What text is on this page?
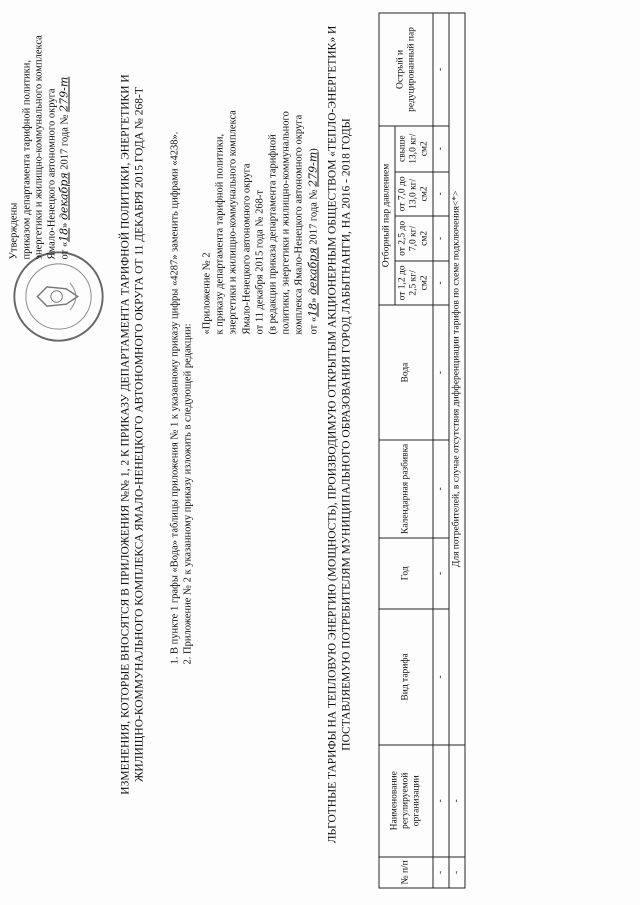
Утверждены приказом департамента тарифной политики, энергетики и жилищно-коммунального комплекса Ямало-Ненецкого автономного округа от «18» декабря 2017 года № 279-т	ИЗМЕНЕНИЯ, КОТОРЫЕ ВНОСЯТСЯ В ПРИЛОЖЕНИЯ №№ 1, 2 К ПРИКАЗУ ДЕПАРТАМЕНТА ТАРИФНОЙ ПОЛИТИКИ, ЭНЕРГЕТИКИ И ЖИЛИЩНО-КОММУНАЛЬНОГО КОМПЛЕКСА ЯМАЛО-НЕНЕЦКОГО АВТОНОМНОГО ОКРУГА ОТ 11 ДЕКАБРЯ 2015 ГОДА № 268-Т 1. В пункте 1 графы «Вода» таблицы приложения № 1 к указанному приказу цифры «4287» заменить цифрами «4238». 2. Приложение № 2 к указанному приказу изложить в следующей редакции:
«Приложение № 2 к приказу департамента тарифной политики, энергетики и жилищно-коммунального комплекса Ямало-Ненецкого автономного округа от 11 декабря 2015 года № 268-т (в редакции приказа департамента тарифной политики, энергетики и жилищно-коммунального комплекса Ямало-Ненецкого автономного округа от «18» декабря 2017 года № 279-т) ЛЬГОТНЫЕ ТАРИФЫ НА ТЕПЛОВУЮ ЭНЕРГИЮ (МОЩНОСТЬ), ПРОИЗВОДИМУЮ ОТКРЫТЫМ АКЦИОНЕРНЫМ ОБЩЕСТВОМ «ТЕПЛО-ЭНЕРГЕТИК» И ПОСТАВЛЯЕМУЮ ПОТРЕБИТЕЛЯМ МУНИЦИПАЛЬНОГО ОБРАЗОВАНИЯ ГОРОД ЛАБЫТНАНГИ, НА 2016 - 2018 ГОДЫ
№ п/п	Наименование регулируемой организации	Вид тарифа	Год	Календарная разбивка	Вода	Отборный пар давлением				Острый и редуцированный пар
						от 1,2 до 2,5 кг/см2	от 2,5 до 7,0 кг/см2	от 7,0 до 13,0 кг/см2	свыше 13,0 кг/см2	
-	-	-	-	-	-	-	-	-	-	-
-	-	Для потребителей, в случае отсутствия дифференциации тарифов по схеме подключения<*>								
